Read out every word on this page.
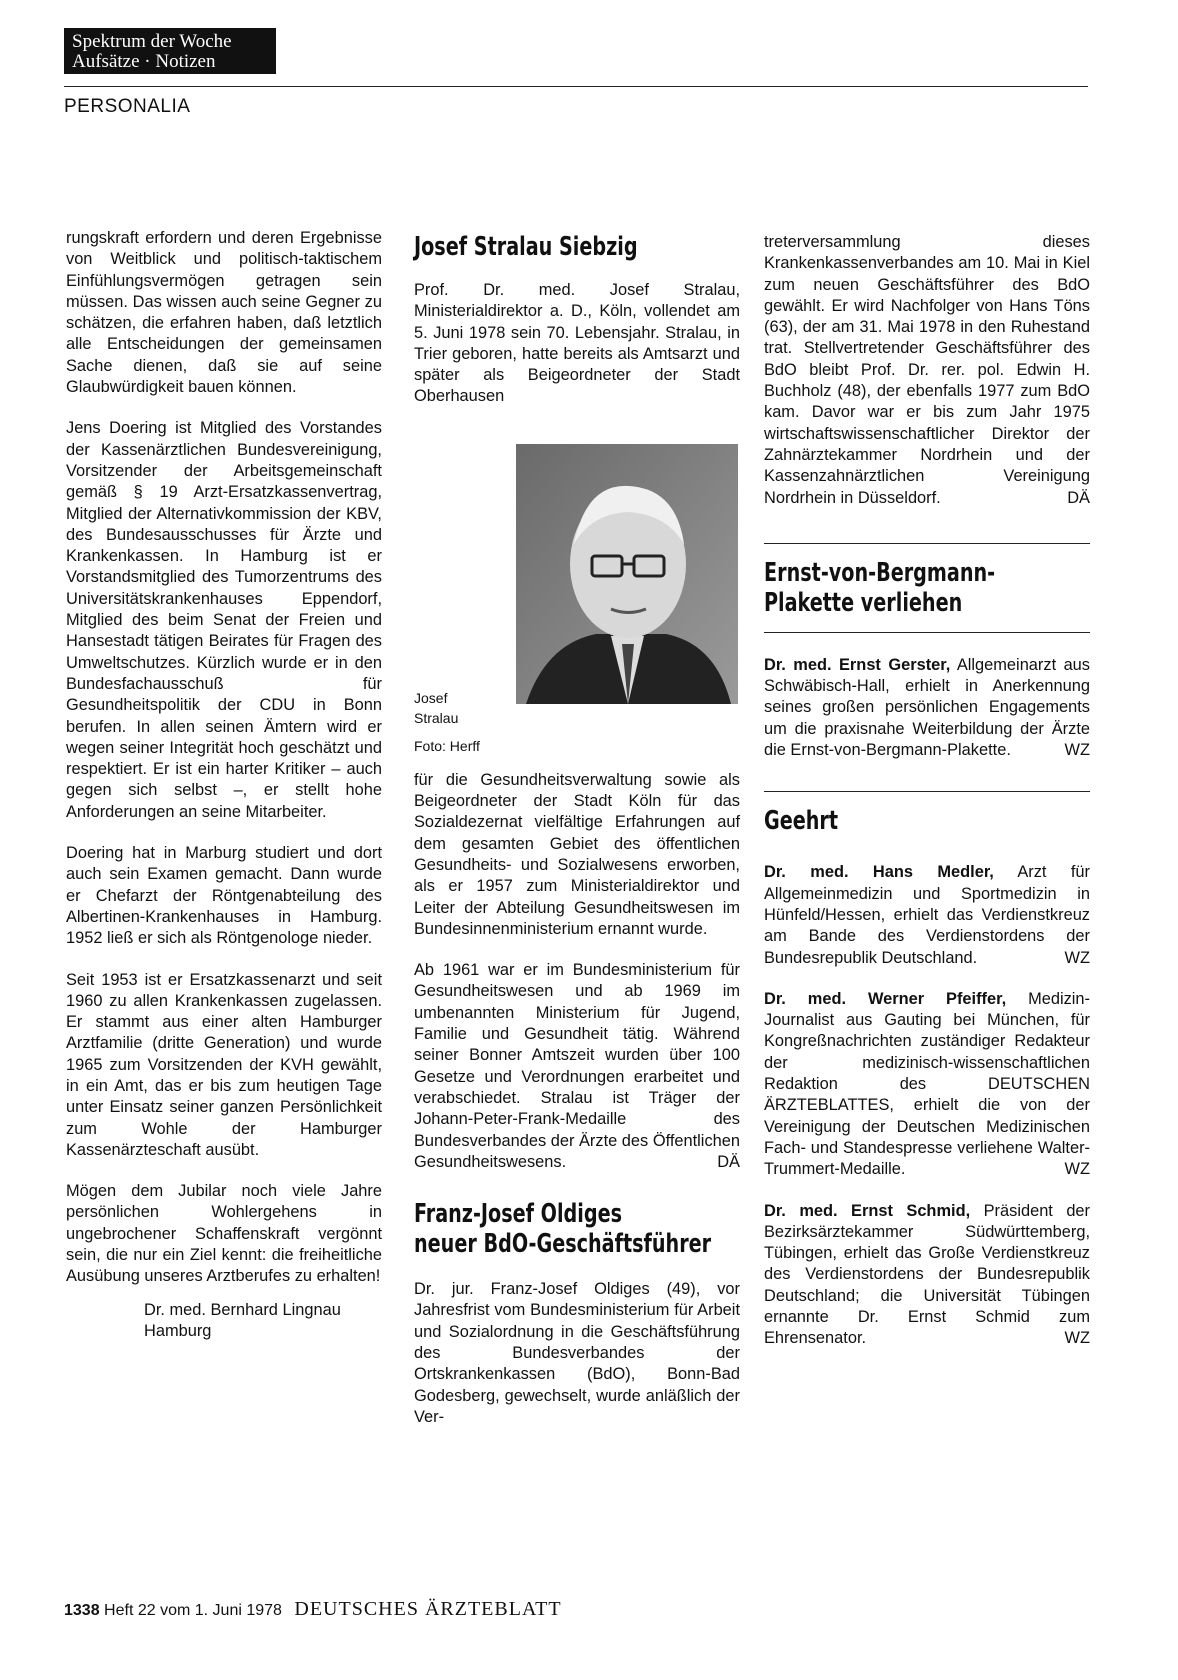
Spektrum der Woche
Aufsätze · Notizen
PERSONALIA

rungskraft erfordern und deren Ergebnisse von Weitblick und politisch-taktischem Einfühlungsvermögen getragen sein müssen. Das wissen auch seine Gegner zu schätzen, die erfahren haben, daß letztlich alle Entscheidungen der gemeinsamen Sache dienen, daß sie auf seine Glaubwürdigkeit bauen können.

Jens Doering ist Mitglied des Vorstandes der Kassenärztlichen Bundesvereinigung, Vorsitzender der Arbeitsgemeinschaft gemäß § 19 Arzt-Ersatzkassenvertrag, Mitglied der Alternativkommission der KBV, des Bundesausschusses für Ärzte und Krankenkassen. In Hamburg ist er Vorstandsmitglied des Tumorzentrums des Universitätskrankenhauses Eppendorf, Mitglied des beim Senat der Freien und Hansestadt tätigen Beirates für Fragen des Umweltschutzes. Kürzlich wurde er in den Bundesfachausschuß für Gesundheitspolitik der CDU in Bonn berufen. In allen seinen Ämtern wird er wegen seiner Integrität hoch geschätzt und respektiert. Er ist ein harter Kritiker – auch gegen sich selbst –, er stellt hohe Anforderungen an seine Mitarbeiter.

Doering hat in Marburg studiert und dort auch sein Examen gemacht. Dann wurde er Chefarzt der Röntgenabteilung des Albertinen-Krankenhauses in Hamburg. 1952 ließ er sich als Röntgenologe nieder.

Seit 1953 ist er Ersatzkassenarzt und seit 1960 zu allen Krankenkassen zugelassen. Er stammt aus einer alten Hamburger Arztfamilie (dritte Generation) und wurde 1965 zum Vorsitzenden der KVH gewählt, in ein Amt, das er bis zum heutigen Tage unter Einsatz seiner ganzen Persönlichkeit zum Wohle der Hamburger Kassenärzteschaft ausübt.

Mögen dem Jubilar noch viele Jahre persönlichen Wohlergehens in ungebrochener Schaffenskraft vergönnt sein, die nur ein Ziel kennt: die freiheitliche Ausübung unseres Arztberufes zu erhalten!

Dr. med. Bernhard Lingnau
Hamburg
Josef Stralau Siebzig

Prof. Dr. med. Josef Stralau, Ministerialdirektor a. D., Köln, vollendet am 5. Juni 1978 sein 70. Lebensjahr. Stralau, in Trier geboren, hatte bereits als Amtsarzt und später als Beigeordneter der Stadt Oberhausen

Josef
Stralau
Foto: Herff

für die Gesundheitsverwaltung sowie als Beigeordneter der Stadt Köln für das Sozialdezernat vielfältige Erfahrungen auf dem gesamten Gebiet des öffentlichen Gesundheits- und Sozialwesens erworben, als er 1957 zum Ministerialdirektor und Leiter der Abteilung Gesundheitswesen im Bundesinnenministerium ernannt wurde.

Ab 1961 war er im Bundesministerium für Gesundheitswesen und ab 1969 im umbenannten Ministerium für Jugend, Familie und Gesundheit tätig. Während seiner Bonner Amtszeit wurden über 100 Gesetze und Verordnungen erarbeitet und verabschiedet. Stralau ist Träger der Johann-Peter-Frank-Medaille des Bundesverbandes der Ärzte des Öffentlichen Gesundheitswesens.	DÄ

Franz-Josef Oldiges
neuer BdO-Geschäftsführer

Dr. jur. Franz-Josef Oldiges (49), vor Jahresfrist vom Bundesministerium für Arbeit und Sozialordnung in die Geschäftsführung des Bundesverbandes der Ortskrankenkassen (BdO), Bonn-Bad Godesberg, gewechselt, wurde anläßlich der Ver-

treterversammlung dieses Krankenkassenverbandes am 10. Mai in Kiel zum neuen Geschäftsführer des BdO gewählt. Er wird Nachfolger von Hans Töns (63), der am 31. Mai 1978 in den Ruhestand trat. Stellvertretender Geschäftsführer des BdO bleibt Prof. Dr. rer. pol. Edwin H. Buchholz (48), der ebenfalls 1977 zum BdO kam. Davor war er bis zum Jahr 1975 wirtschaftswissenschaftlicher Direktor der Zahnärztekammer Nordrhein und der Kassenzahnärztlichen Vereinigung Nordrhein in Düsseldorf.	DÄ

Ernst-von-Bergmann-
Plakette verliehen

Dr. med. Ernst Gerster, Allgemeinarzt aus Schwäbisch-Hall, erhielt in Anerkennung seines großen persönlichen Engagements um die praxisnahe Weiterbildung der Ärzte die Ernst-von-Bergmann-Plakette.	WZ

Geehrt

Dr. med. Hans Medler, Arzt für Allgemeinmedizin und Sportmedizin in Hünfeld/Hessen, erhielt das Verdienstkreuz am Bande des Verdienstordens der Bundesrepublik Deutschland.	WZ

Dr. med. Werner Pfeiffer, Medizin-Journalist aus Gauting bei München, für Kongreßnachrichten zuständiger Redakteur der medizinisch-wissenschaftlichen Redaktion des DEUTSCHEN ÄRZTEBLATTES, erhielt die von der Vereinigung der Deutschen Medizinischen Fach- und Standespresse verliehene Walter-Trummert-Medaille.	WZ

Dr. med. Ernst Schmid, Präsident der Bezirksärztekammer Südwürttemberg, Tübingen, erhielt das Große Verdienstkreuz des Verdienstordens der Bundesrepublik Deutschland; die Universität Tübingen ernannte Dr. Ernst Schmid zum Ehrensenator.	WZ

1338 Heft 22 vom 1. Juni 1978 DEUTSCHES ÄRZTEBLATT
